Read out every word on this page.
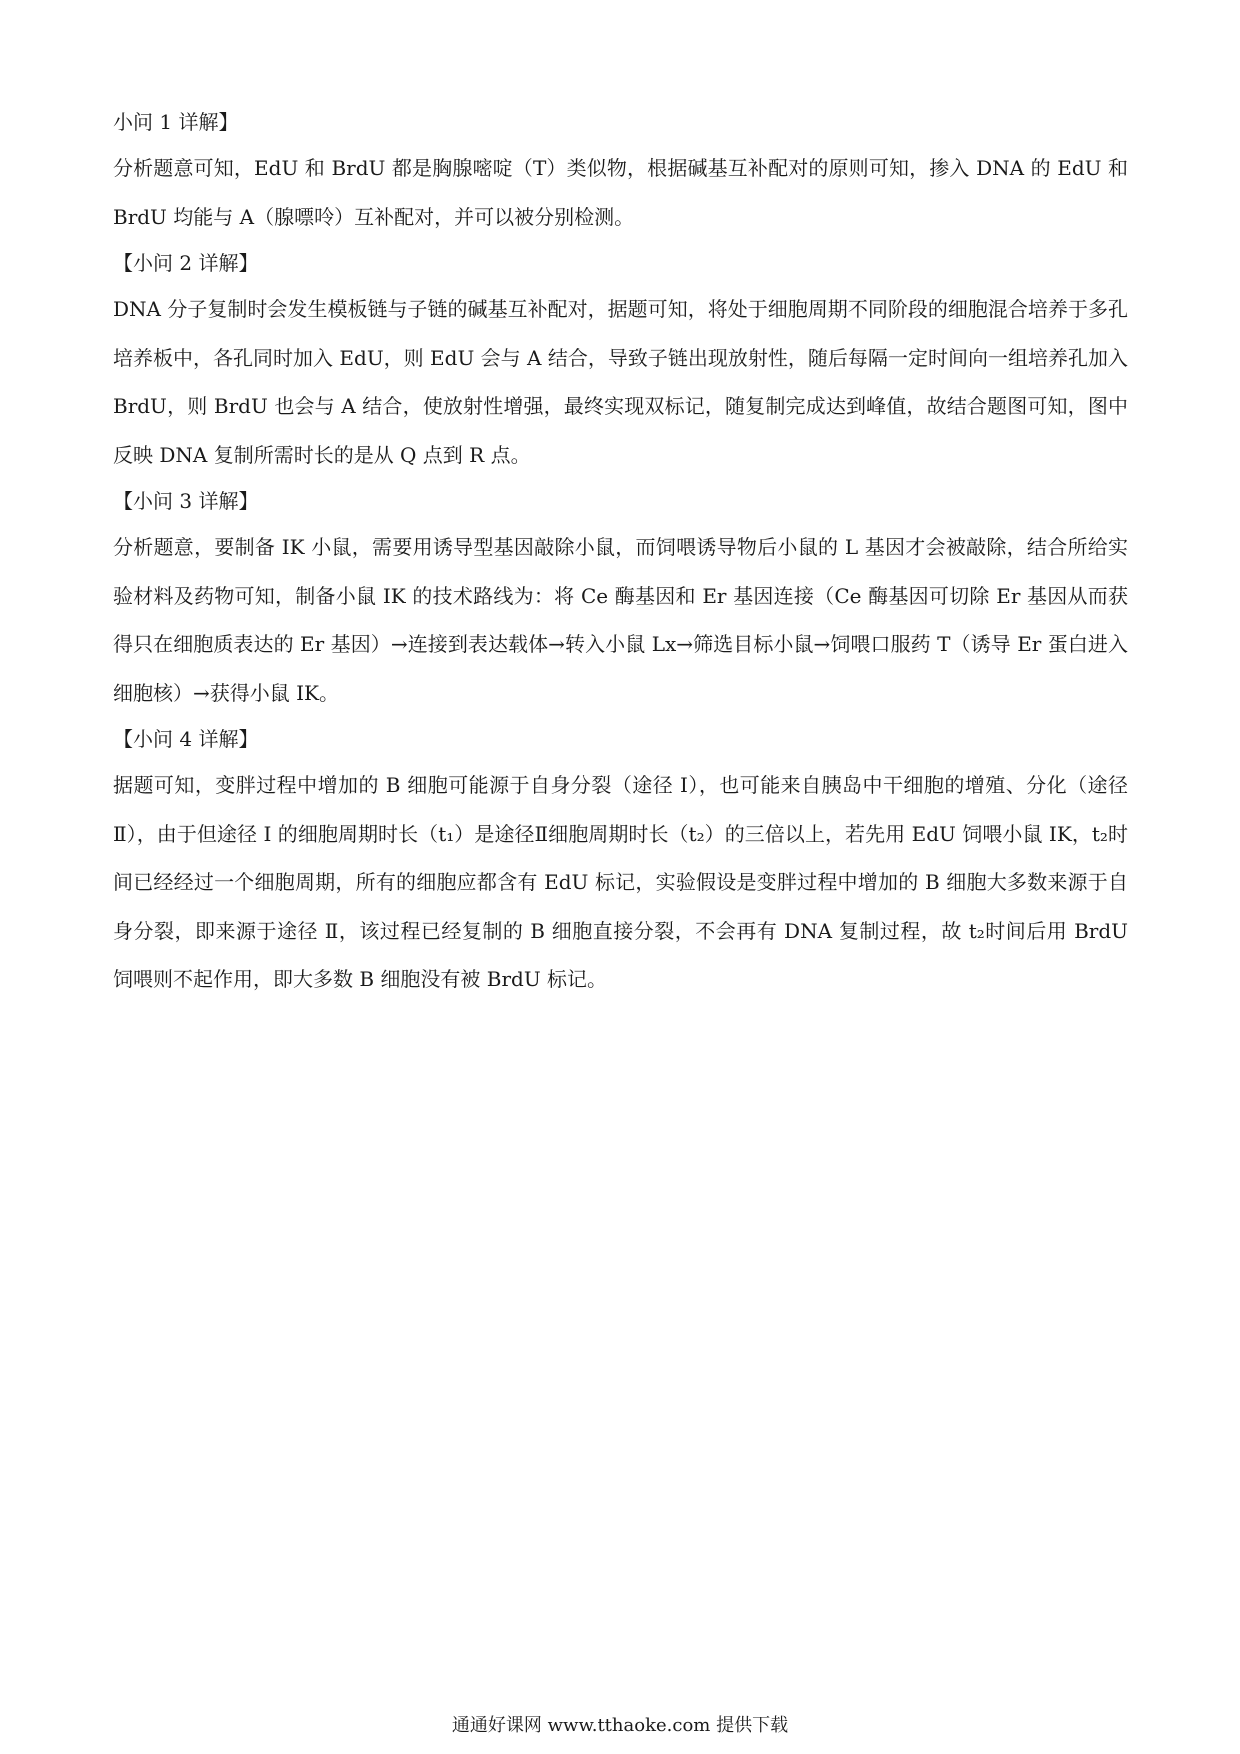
小问 1 详解】

分析题意可知，EdU 和 BrdU 都是胸腺嘧啶（T）类似物，根据碱基互补配对的原则可知，掺入 DNA 的 EdU 和 BrdU 均能与 A（腺嘌呤）互补配对，并可以被分别检测。

【小问 2 详解】

DNA 分子复制时会发生模板链与子链的碱基互补配对，据题可知，将处于细胞周期不同阶段的细胞混合培养于多孔培养板中，各孔同时加入 EdU，则 EdU 会与 A 结合，导致子链出现放射性，随后每隔一定时间向一组培养孔加入 BrdU，则 BrdU 也会与 A 结合，使放射性增强，最终实现双标记，随复制完成达到峰值，故结合题图可知，图中反映 DNA 复制所需时长的是从 Q 点到 R 点。

【小问 3 详解】

分析题意，要制备 IK 小鼠，需要用诱导型基因敲除小鼠，而饲喂诱导物后小鼠的 L 基因才会被敲除，结合所给实验材料及药物可知，制备小鼠 IK 的技术路线为：将 Ce 酶基因和 Er 基因连接（Ce 酶基因可切除 Er 基因从而获得只在细胞质表达的 Er 基因）→连接到表达载体→转入小鼠 Lx→筛选目标小鼠→饲喂口服药 T（诱导 Er 蛋白进入细胞核）→获得小鼠 IK。

【小问 4 详解】

据题可知，变胖过程中增加的 B 细胞可能源于自身分裂（途径 I），也可能来自胰岛中干细胞的增殖、分化（途径Ⅱ），由于但途径 I 的细胞周期时长（t₁）是途径Ⅱ细胞周期时长（t₂）的三倍以上，若先用 EdU 饲喂小鼠 IK，t₂时间已经经过一个细胞周期，所有的细胞应都含有 EdU 标记，实验假设是变胖过程中增加的 B 细胞大多数来源于自身分裂，即来源于途径 Ⅱ，该过程已经复制的 B 细胞直接分裂，不会再有 DNA 复制过程，故 t₂时间后用 BrdU 饲喂则不起作用，即大多数 B 细胞没有被 BrdU 标记。

通通好课网 www.tthaoke.com 提供下载
